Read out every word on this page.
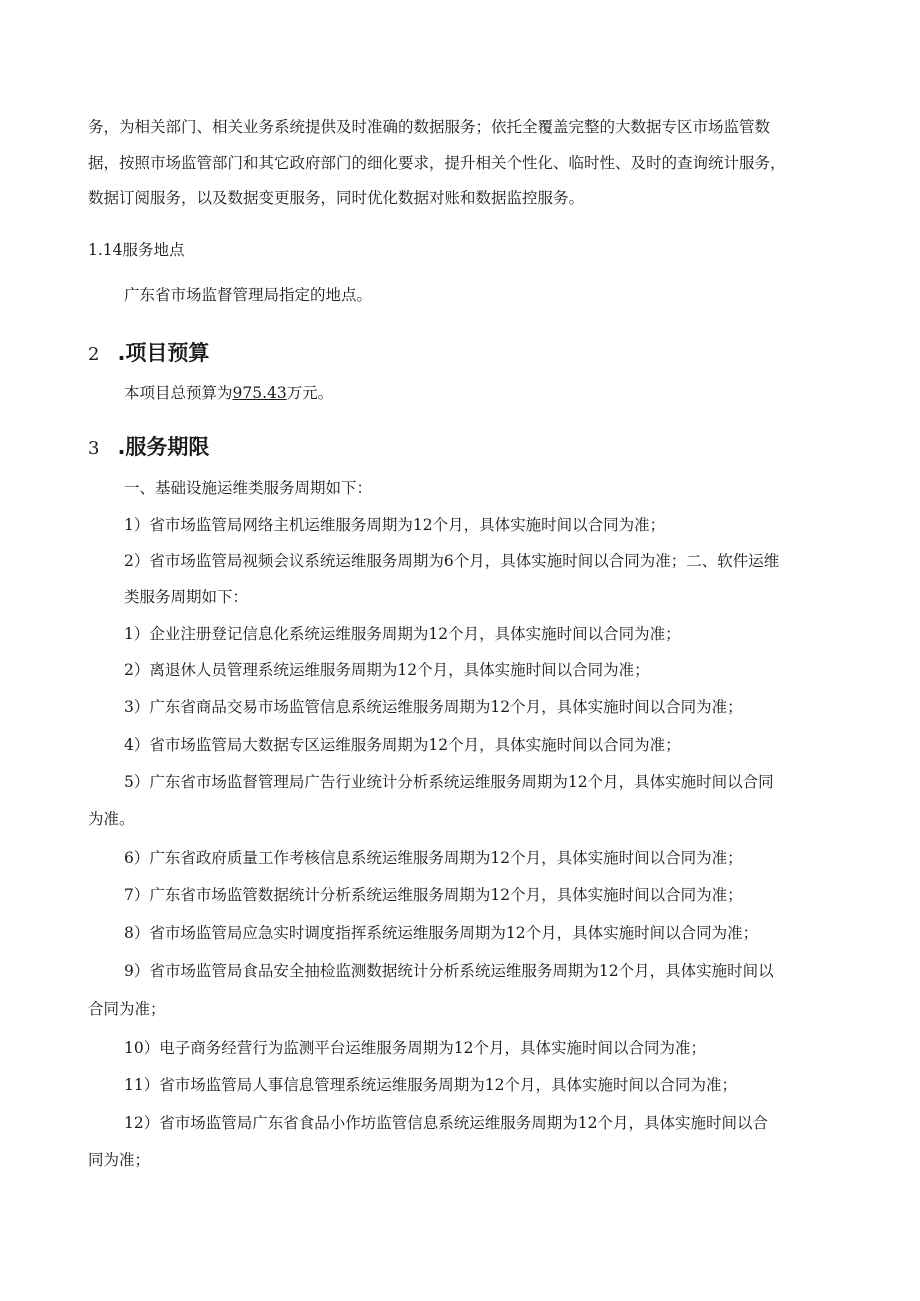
务，为相关部门、相关业务系统提供及时准确的数据服务；依托全覆盖完整的大数据专区市场监管数
据，按照市场监管部门和其它政府部门的细化要求，提升相关个性化、临时性、及时的查询统计服务，
数据订阅服务，以及数据变更服务，同时优化数据对账和数据监控服务。
1.14服务地点
广东省市场监督管理局指定的地点。
2 .项目预算
本项目总预算为975.43万元。
3 .服务期限
一、基础设施运维类服务周期如下：
1）省市场监管局网络主机运维服务周期为12个月，具体实施时间以合同为准；
2）省市场监管局视频会议系统运维服务周期为6个月，具体实施时间以合同为准；二、软件运维
类服务周期如下：
1）企业注册登记信息化系统运维服务周期为12个月，具体实施时间以合同为准；
2）离退休人员管理系统运维服务周期为12个月，具体实施时间以合同为准；
3）广东省商品交易市场监管信息系统运维服务周期为12个月，具体实施时间以合同为准；
4）省市场监管局大数据专区运维服务周期为12个月，具体实施时间以合同为准；
5）广东省市场监督管理局广告行业统计分析系统运维服务周期为12个月，具体实施时间以合同
为准。
6）广东省政府质量工作考核信息系统运维服务周期为12个月，具体实施时间以合同为准；
7）广东省市场监管数据统计分析系统运维服务周期为12个月，具体实施时间以合同为准；
8）省市场监管局应急实时调度指挥系统运维服务周期为12个月，具体实施时间以合同为准；
9）省市场监管局食品安全抽检监测数据统计分析系统运维服务周期为12个月，具体实施时间以
合同为准；
10）电子商务经营行为监测平台运维服务周期为12个月，具体实施时间以合同为准；
11）省市场监管局人事信息管理系统运维服务周期为12个月，具体实施时间以合同为准；
12）省市场监管局广东省食品小作坊监管信息系统运维服务周期为12个月，具体实施时间以合
同为准；
